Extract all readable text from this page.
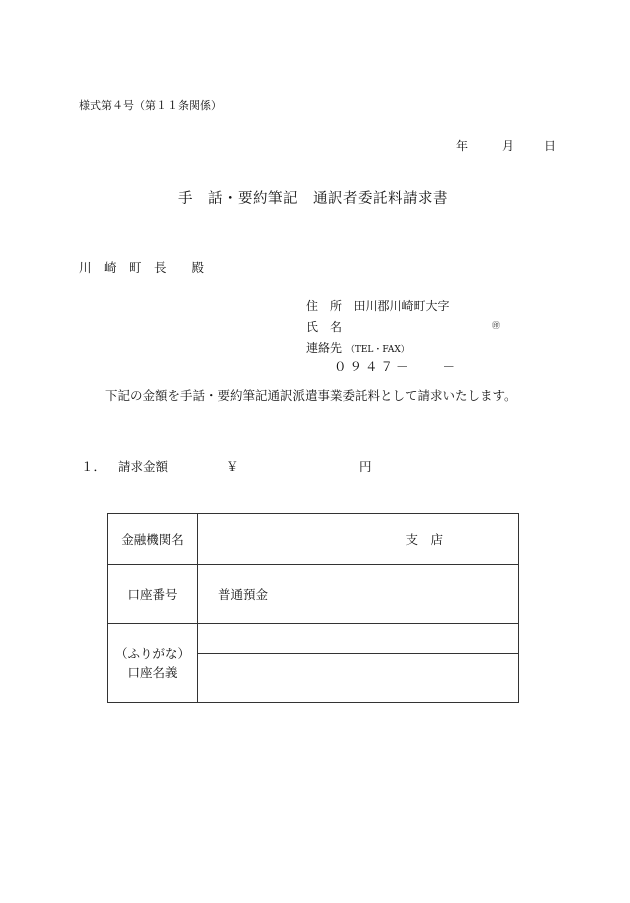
様式第４号（第１１条関係）
年	月	日
手　話・要約筆記　通訳者委託料請求書
川　崎　町　長　　殿
住　所 田川郡川崎町大字
氏　名	㊞
連絡先 （TEL・FAX）
０９４７－　　－
下記の金額を手話・要約筆記通訳派遣事業委託料として請求いたします。
１． 請求金額	￥	円
金融機関名	支　店
口座番号	普通預金

（ふりがな）
口座名義	
